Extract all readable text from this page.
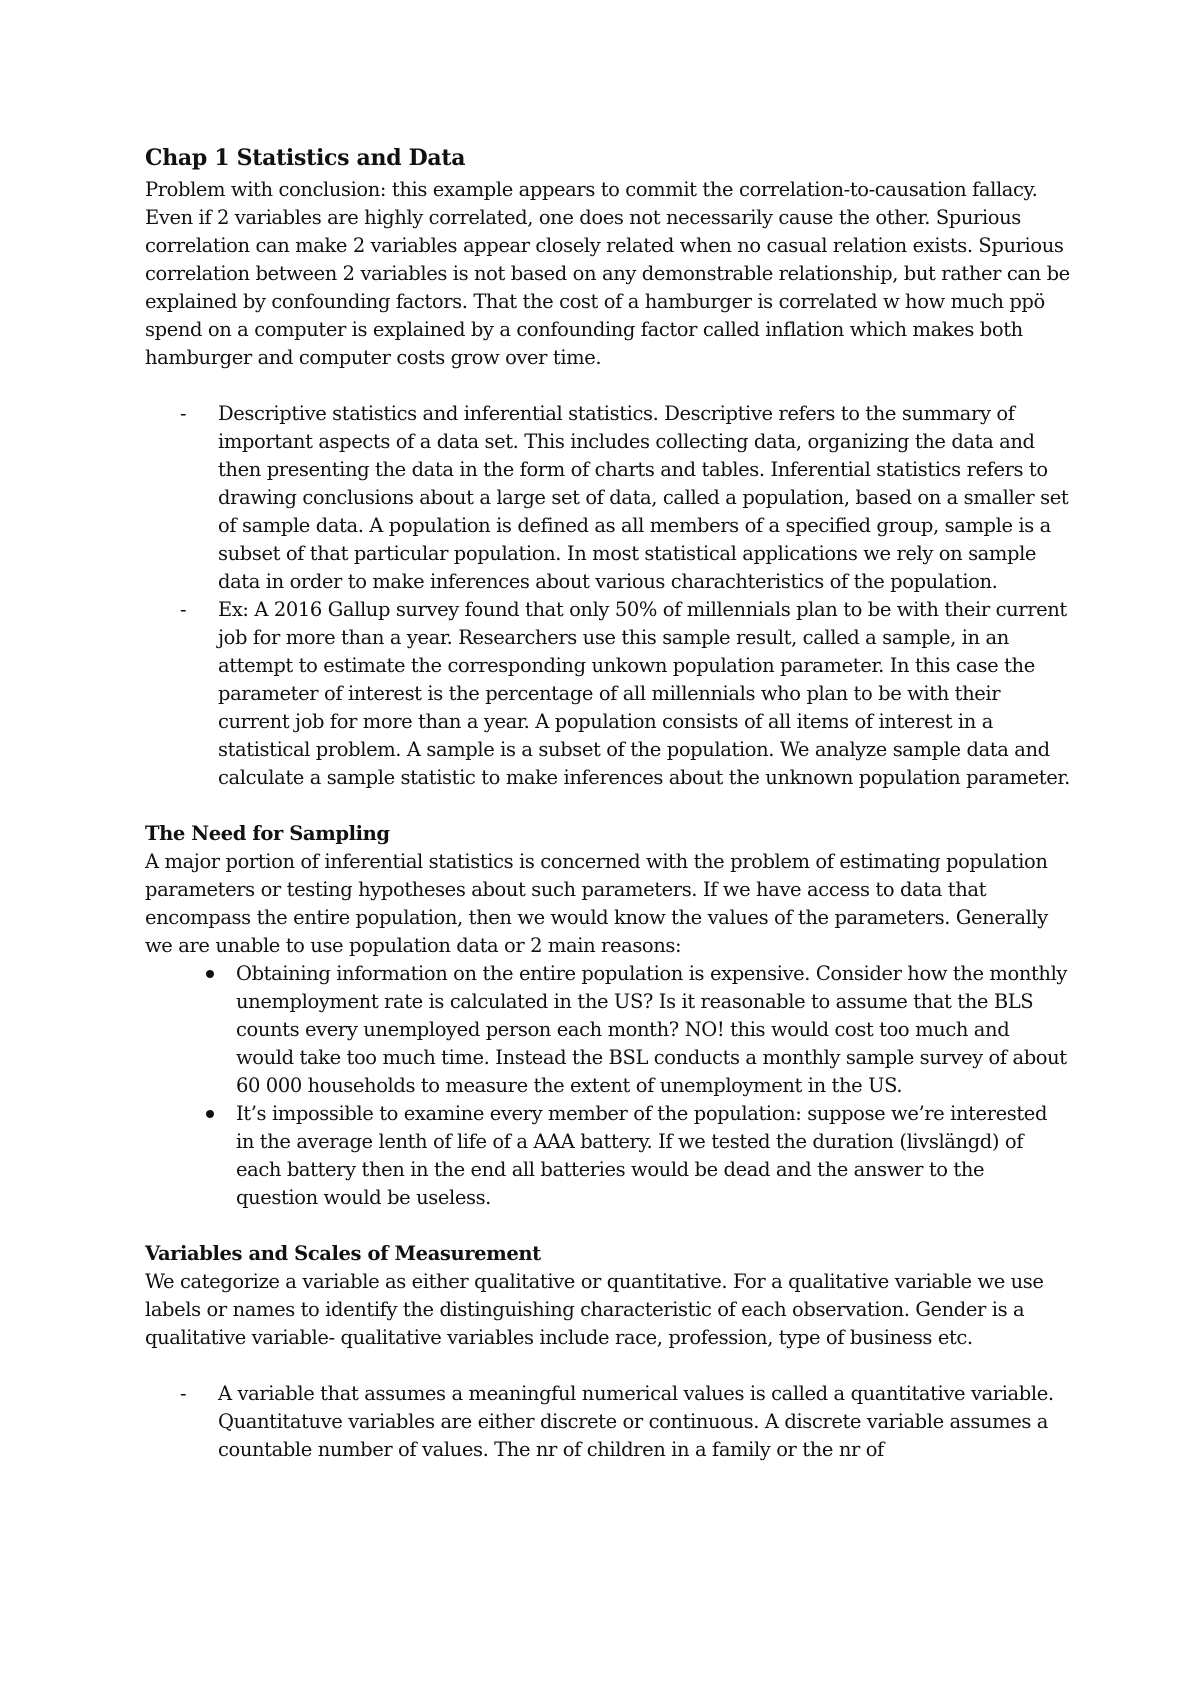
Chap 1 Statistics and Data

Problem with conclusion: this example appears to commit the correlation-to-causation fallacy. Even if 2 variables are highly correlated, one does not necessarily cause the other. Spurious correlation can make 2 variables appear closely related when no casual relation exists. Spurious correlation between 2 variables is not based on any demonstrable relationship, but rather can be explained by confounding factors. That the cost of a hamburger is correlated w how much ppö spend on a computer is explained by a confounding factor called inflation which makes both hamburger and computer costs grow over time.

- Descriptive statistics and inferential statistics. Descriptive refers to the summary of important aspects of a data set. This includes collecting data, organizing the data and then presenting the data in the form of charts and tables. Inferential statistics refers to drawing conclusions about a large set of data, called a population, based on a smaller set of sample data. A population is defined as all members of a specified group, sample is a subset of that particular population. In most statistical applications we rely on sample data in order to make inferences about various charachteristics of the population.
- Ex: A 2016 Gallup survey found that only 50% of millennials plan to be with their current job for more than a year. Researchers use this sample result, called a sample, in an attempt to estimate the corresponding unkown population parameter. In this case the parameter of interest is the percentage of all millennials who plan to be with their current job for more than a year. A population consists of all items of interest in a statistical problem. A sample is a subset of the population. We analyze sample data and calculate a sample statistic to make inferences about the unknown population parameter.
The Need for Sampling

A major portion of inferential statistics is concerned with the problem of estimating population parameters or testing hypotheses about such parameters. If we have access to data that encompass the entire population, then we would know the values of the parameters. Generally we are unable to use population data or 2 main reasons:

Obtaining information on the entire population is expensive. Consider how the monthly unemployment rate is calculated in the US? Is it reasonable to assume that the BLS counts every unemployed person each month? NO! this would cost too much and would take too much time. Instead the BSL conducts a monthly sample survey of about 60 000 households to measure the extent of unemployment in the US.
It’s impossible to examine every member of the population: suppose we’re interested in the average lenth of life of a AAA battery. If we tested the duration (livslängd) of each battery then in the end all batteries would be dead and the answer to the question would be useless.
Variables and Scales of Measurement

We categorize a variable as either qualitative or quantitative. For a qualitative variable we use labels or names to identify the distinguishing characteristic of each observation. Gender is a qualitative variable- qualitative variables include race, profession, type of business etc.

- A variable that assumes a meaningful numerical values is called a quantitative variable. Quantitatuve variables are either discrete or continuous. A discrete variable assumes a countable number of values. The nr of children in a family or the nr of
